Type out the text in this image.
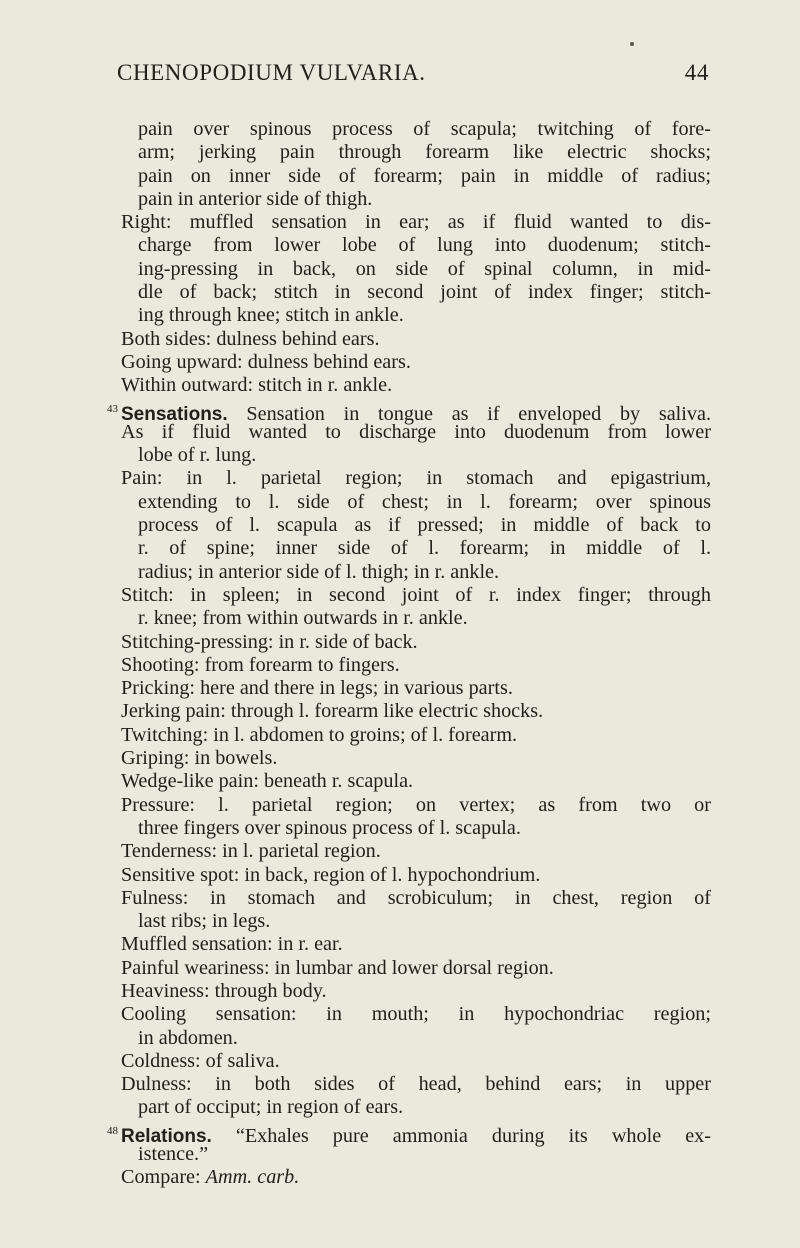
CHENOPODIUM VULVARIA.	44
pain over spinous process of scapula; twitching of fore-
arm; jerking pain through forearm like electric shocks;
pain on inner side of forearm; pain in middle of radius;
pain in anterior side of thigh.
Right: muffled sensation in ear; as if fluid wanted to dis-
charge from lower lobe of lung into duodenum; stitch-
ing-pressing in back, on side of spinal column, in mid-
dle of back; stitch in second joint of index finger; stitch-
ing through knee; stitch in ankle.
Both sides: dulness behind ears.
Going upward: dulness behind ears.
Within outward: stitch in r. ankle.
$^{43}$ Sensations. Sensation in tongue as if enveloped by saliva.
As if fluid wanted to discharge into duodenum from lower
lobe of r. lung.
Pain: in l. parietal region; in stomach and epigastrium,
extending to l. side of chest; in l. forearm; over spinous
process of l. scapula as if pressed; in middle of back to
r. of spine; inner side of l. forearm; in middle of l.
radius; in anterior side of l. thigh; in r. ankle.
Stitch: in spleen; in second joint of r. index finger; through
r. knee; from within outwards in r. ankle.
Stitching-pressing: in r. side of back.
Shooting: from forearm to fingers.
Pricking: here and there in legs; in various parts.
Jerking pain: through l. forearm like electric shocks.
Twitching: in l. abdomen to groins; of l. forearm.
Griping: in bowels.
Wedge-like pain: beneath r. scapula.
Pressure: l. parietal region; on vertex; as from two or
three fingers over spinous process of l. scapula.
Tenderness: in l. parietal region.
Sensitive spot: in back, region of l. hypochondrium.
Fulness: in stomach and scrobiculum; in chest, region of
last ribs; in legs.
Muffled sensation: in r. ear.
Painful weariness: in lumbar and lower dorsal region.
Heaviness: through body.
Cooling sensation: in mouth; in hypochondriac region;
in abdomen.
Coldness: of saliva.
Dulness: in both sides of head, behind ears; in upper
part of occiput; in region of ears.
$^{48}$ Relations. “Exhales pure ammonia during its whole ex-
istence.”
Compare: Amm. carb.
